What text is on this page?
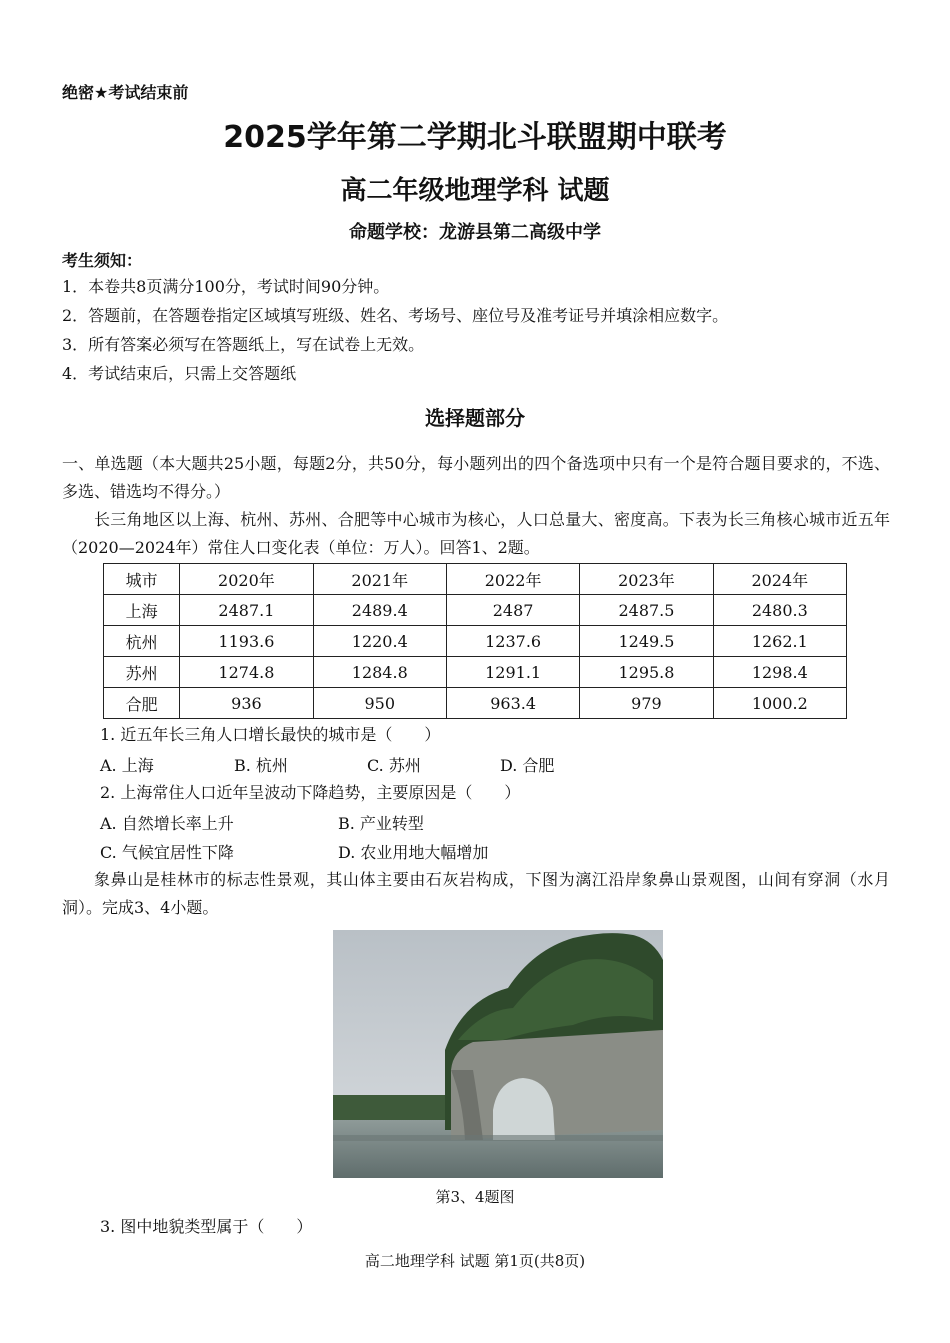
绝密★考试结束前
2025学年第二学期北斗联盟期中联考
高二年级地理学科 试题
命题学校：龙游县第二高级中学
考生须知：
1．本卷共8页满分100分，考试时间90分钟。
2．答题前，在答题卷指定区域填写班级、姓名、考场号、座位号及准考证号并填涂相应数字。
3．所有答案必须写在答题纸上，写在试卷上无效。
4．考试结束后，只需上交答题纸
选择题部分
一、单选题（本大题共25小题，每题2分，共50分，每小题列出的四个备选项中只有一个是符合题目要求的，不选、多选、错选均不得分。）
长三角地区以上海、杭州、苏州、合肥等中心城市为核心，人口总量大、密度高。下表为长三角核心城市近五年（2020—2024年）常住人口变化表（单位：万人）。回答1、2题。
城市	2020年	2021年	2022年	2023年	2024年
上海	2487.1	2489.4	2487	2487.5	2480.3
杭州	1193.6	1220.4	1237.6	1249.5	1262.1
苏州	1274.8	1284.8	1291.1	1295.8	1298.4
合肥	936	950	963.4	979	1000.2
1. 近五年长三角人口增长最快的城市是（　　）
A. 上海	B. 杭州	C. 苏州	D. 合肥
2. 上海常住人口近年呈波动下降趋势，主要原因是（　　）
A. 自然增长率上升	B. 产业转型
C. 气候宜居性下降	D. 农业用地大幅增加
象鼻山是桂林市的标志性景观，其山体主要由石灰岩构成，下图为漓江沿岸象鼻山景观图，山间有穿洞（水月洞）。完成3、4小题。
第3、4题图
3. 图中地貌类型属于（　　）
高二地理学科 试题 第1页(共8页)
